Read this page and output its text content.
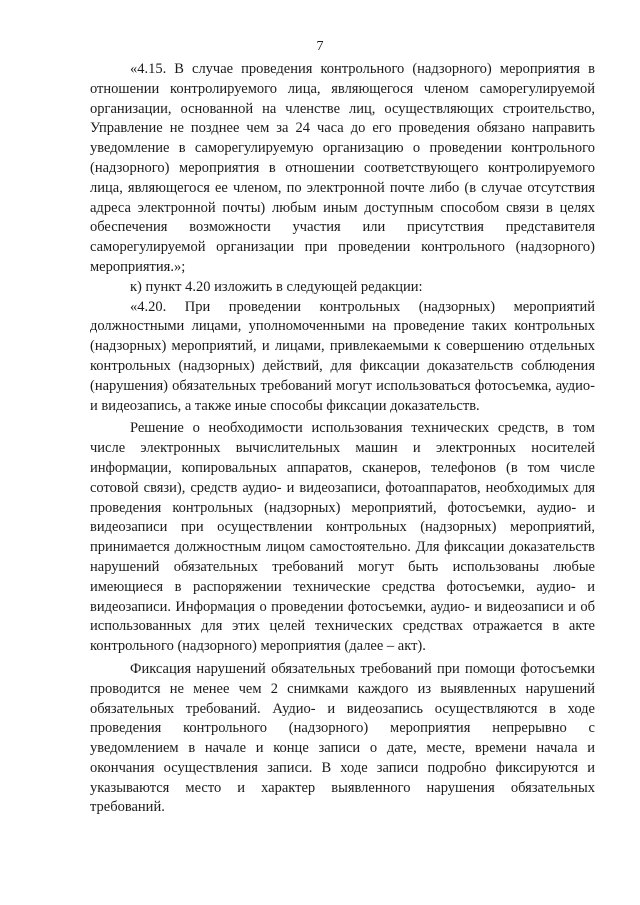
7

«4.15. В случае проведения контрольного (надзорного) мероприятия в отношении контролируемого лица, являющегося членом саморегулируемой организации, основанной на членстве лиц, осуществляющих строительство, Управление не позднее чем за 24 часа до его проведения обязано направить уведомление в саморегулируемую организацию о проведении контрольного (надзорного) мероприятия в отношении соответствующего контролируемого лица, являющегося ее членом, по электронной почте либо (в случае отсутствия адреса электронной почты) любым иным доступным способом связи в целях обеспечения возможности участия или присутствия представителя саморегулируемой организации при проведении контрольного (надзорного) мероприятия.»;

к) пункт 4.20 изложить в следующей редакции:

«4.20. При проведении контрольных (надзорных) мероприятий должностными лицами, уполномоченными на проведение таких контрольных (надзорных) мероприятий, и лицами, привлекаемыми к совершению отдельных контрольных (надзорных) действий, для фиксации доказательств соблюдения (нарушения) обязательных требований могут использоваться фотосъемка, аудио- и видеозапись, а также иные способы фиксации доказательств.

Решение о необходимости использования технических средств, в том числе электронных вычислительных машин и электронных носителей информации, копировальных аппаратов, сканеров, телефонов (в том числе сотовой связи), средств аудио- и видеозаписи, фотоаппаратов, необходимых для проведения контрольных (надзорных) мероприятий, фотосъемки, аудио- и видеозаписи при осуществлении контрольных (надзорных) мероприятий, принимается должностным лицом самостоятельно. Для фиксации доказательств нарушений обязательных требований могут быть использованы любые имеющиеся в распоряжении технические средства фотосъемки, аудио- и видеозаписи. Информация о проведении фотосъемки, аудио- и видеозаписи и об использованных для этих целей технических средствах отражается в акте контрольного (надзорного) мероприятия (далее – акт).

Фиксация нарушений обязательных требований при помощи фотосъемки проводится не менее чем 2 снимками каждого из выявленных нарушений обязательных требований. Аудио- и видеозапись осуществляются в ходе проведения контрольного (надзорного) мероприятия непрерывно с уведомлением в начале и конце записи о дате, месте, времени начала и окончания осуществления записи. В ходе записи подробно фиксируются и указываются место и характер выявленного нарушения обязательных требований.
